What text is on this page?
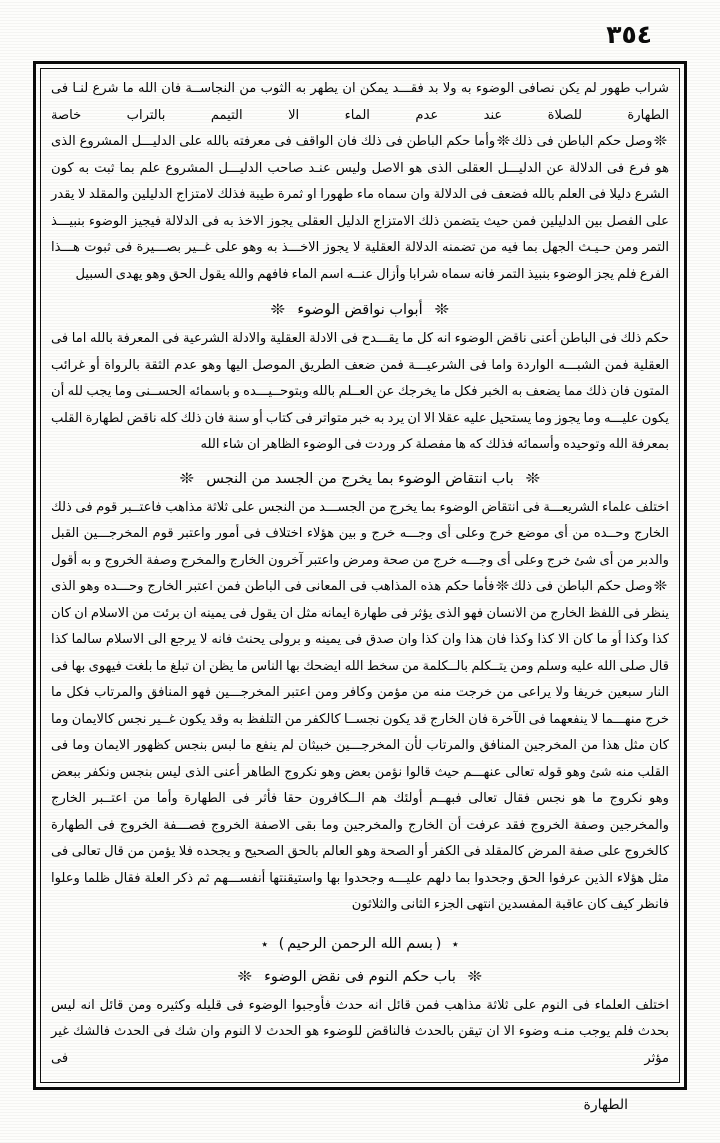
٣٥٤

شراب طهور لم يكن نصافى الوضوء به ولا بد فقـــد يمكن ان يطهر به الثوب من النجاســة فان الله ما شرع لنـا فى الطهارة للصلاة عند عدم الماء الا التيمم بالتراب خاصة

❊وصل حكم الباطن فى ذلك❊وأما حكم الباطن فى ذلك فان الواقف فى معرفته بالله على الدليـــل المشروع الذى هو فرع فى الدلالة عن الدليـــل العقلى الذى هو الاصل وليس عنـد صاحب الدليـــل المشروع علم بما ثبت به كون الشرع دليلا فى العلم بالله فضعف فى الدلالة وان سماه ماء طهورا او ثمرة طيبة فذلك لامتزاج الدليلين والمقلد لا يقدر على الفصل بين الدليلين فمن حيث يتضمن ذلك الامتزاج الدليل العقلى يجوز الاخذ به فى الدلالة فيجيز الوضوء بنبيـــذ التمر ومن حـيـث الجهل بما فيه من تضمنه الدلالة العقلية لا يجوز الاخـــذ به وهو على غــير بصـــيرة فى ثبوت هـــذا الفرع فلم يجز الوضوء بنبيذ التمر فانه سماه شرابا وأزال عنــه اسم الماء فافهم والله يقول الحق وهو يهدى السبيل

❊ أبواب نواقض الوضوء ❊

حكم ذلك فى الباطن أعنى ناقض الوضوء انه كل ما يقـــدح فى الادلة العقلية والادلة الشرعية فى المعرفة بالله اما فى العقلية فمن الشبـــه الواردة واما فى الشرعيـــة فمن ضعف الطريق الموصل اليها وهو عدم الثقة بالرواة أو غرائب المتون فان ذلك مما يضعف به الخبر فكل ما يخرجك عن العــلم بالله وبتوحــيـــده و باسمائه الحســنى وما يجب لله أن يكون عليـــه وما يجوز وما يستحيل عليه عقلا الا ان يرد به خبر متواتر فى كتاب أو سنة فان ذلك كله ناقض لطهارة القلب بمعرفة الله وتوحيده وأسمائه فذلك كه ها مفصلة كر وردت فى الوضوء الظاهر ان شاء الله

❊ باب انتقاض الوضوء بما يخرج من الجسد من النجس ❊

اختلف علماء الشريعـــة فى انتقاض الوضوء بما يخرج من الجســـد من النجس على ثلاثة مذاهب فاعتــبر قوم فى ذلك الخارج وحــده من أى موضع خرج وعلى أى وجـــه خرج و بين هؤلاء اختلاف فى أمور واعتبر قوم المخرجـــين القبل والدبر من أى شئ خرج وعلى أى وجـــه خرج من صحة ومرض واعتبر آخرون الخارج والمخرج وصفة الخروج و به أقول

❊وصل حكم الباطن فى ذلك❊فأما حكم هذه المذاهب فى المعانى فى الباطن فمن اعتبر الخارج وحـــده وهو الذى ينظر فى اللفظ الخارج من الانسان فهو الذى يؤثر فى طهارة ايمانه مثل ان يقول فى يمينه ان برئت من الاسلام ان كان كذا وكذا أو ما كان الا كذا وكذا فان هذا وان كذا وان صدق فى يمينه و برولى يحنث فانه لا يرجع الى الاسلام سالما كذا قال صلى الله عليه وسلم ومن يتــكلم بالــكلمة من سخط الله ايضحك بها الناس ما يظن ان تبلغ ما بلغت فيهوى بها فى النار سبعين خريفا ولا يراعى من خرجت منه من مؤمن وكافر ومن اعتبر المخرجـــين فهو المنافق والمرتاب فكل ما خرج منهـــما لا ينفعهما فى الآخرة فان الخارج قد يكون نجســا كالكفر من التلفظ به وقد يكون غــير نجس كالايمان وما كان مثل هذا من المخرجين المنافق والمرتاب لأن المخرجـــين خبيثان لم ينفع ما لبس بنجس كظهور الايمان وما فى القلب منه شئ وهو قوله تعالى عنهـــم حيث قالوا نؤمن بعض وهو نكروج الطاهر أعنى الذى ليس بنجس ونكفر ببعض وهو نكروج ما هو نجس فقال تعالى فبهــم أولئك هم الــكافرون حقا فأثر فى الطهارة وأما من اعتــبر الخارج والمخرجين وصفة الخروج فقد عرفت أن الخارج والمخرجين وما بقى الاصفة الخروج فصـــفة الخروج فى الطهارة كالخروج على صفة المرض كالمقلد فى الكفر أو الصحة وهو العالم بالحق الصحيح و يجحده فلا يؤمن من قال تعالى فى مثل هؤلاء الذين عرفوا الحق وجحدوا بما دلهم عليـــه وجحدوا بها واستيقنتها أنفســـهم ثم ذكر العلة فقال ظلما وعلوا فانظر كيف كان عاقبة المفسدين انتهى الجزء الثانى والثلاثون

٭ ( بسم الله الرحمن الرحيم ) ٭
❊ باب حكم النوم فى نقض الوضوء ❊

اختلف العلماء فى النوم على ثلاثة مذاهب فمن قائل انه حدث فأوجبوا الوضوء فى قليله وكثيره ومن قائل انه ليس بحدث فلم يوجب منـه وضوء الا ان تيقن بالحدث فالناقض للوضوء هو الحدث لا النوم وان شك فى الحدث فالشك غير مؤثر فى

الطهارة
